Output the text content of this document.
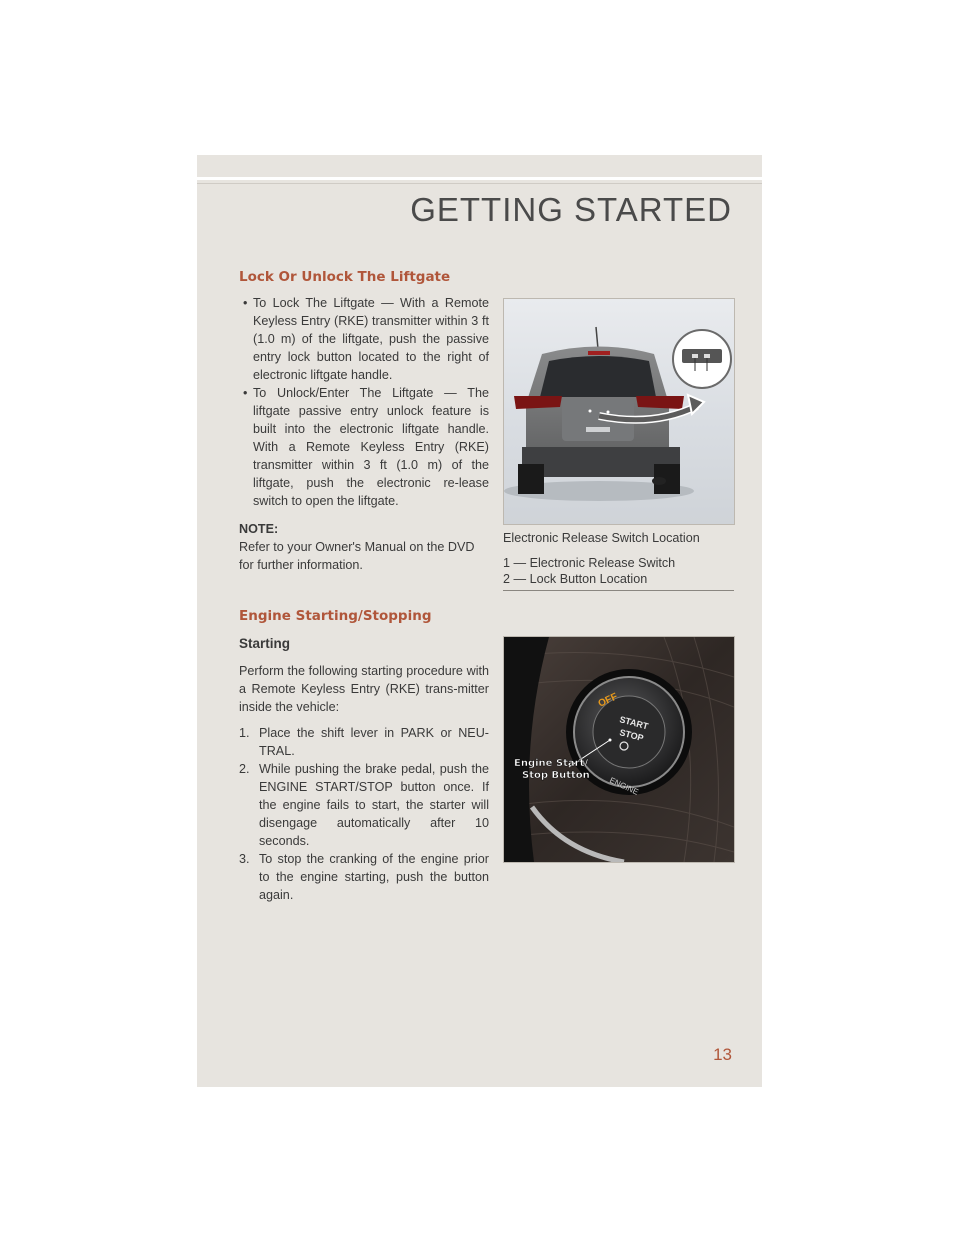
GETTING STARTED
Lock Or Unlock The Liftgate

• To Lock The Liftgate — With a Remote Keyless Entry (RKE) transmitter within 3 ft (1.0 m) of the liftgate, push the passive entry lock button located to the right of electronic liftgate handle.

• To Unlock/Enter The Liftgate — The liftgate passive entry unlock feature is built into the electronic liftgate handle. With a Remote Keyless Entry (RKE) transmitter within 3 ft (1.0 m) of the liftgate, push the electronic re-lease switch to open the liftgate.

NOTE:

Refer to your Owner's Manual on the DVD for further information.

Electronic Release Switch Location
1 — Electronic Release Switch
2 — Lock Button Location
Engine Starting/Stopping

Starting

Perform the following starting procedure with a Remote Keyless Entry (RKE) trans-mitter inside the vehicle:

1. Place the shift lever in PARK or NEU-TRAL.

2. While pushing the brake pedal, push the ENGINE START/STOP button once. If the engine fails to start, the starter will disengage automatically after 10 seconds.

3. To stop the cranking of the engine prior to the engine starting, push the button again.

OFF
START
STOP
ENGINE
Engine Start/
Stop Button
13
